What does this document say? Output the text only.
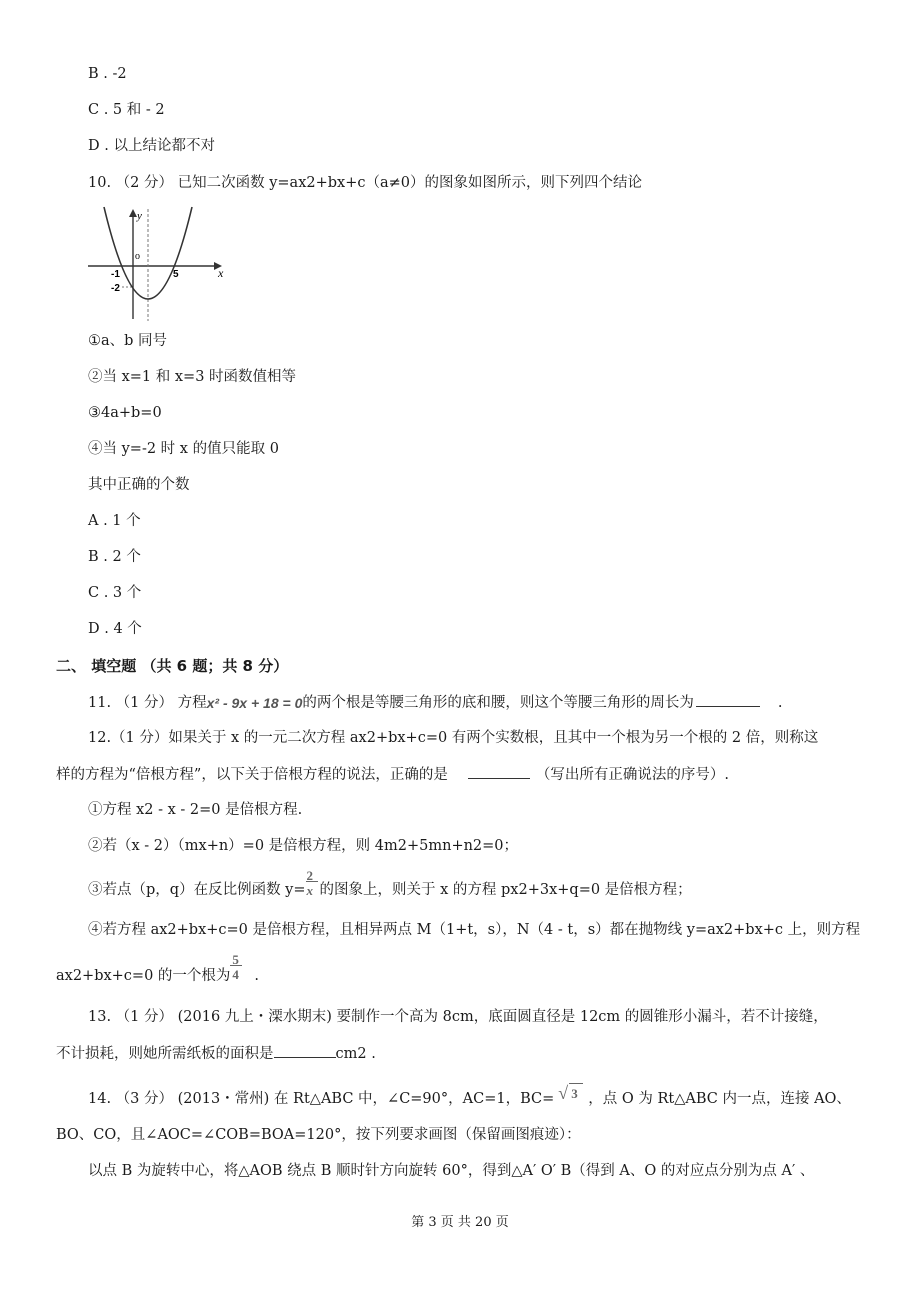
B . -2
C . 5 和 - 2
D . 以上结论都不对
10. （2 分） 已知二次函数 y=ax2+bx+c（a≠0）的图象如图所示，则下列四个结论
y
x
o
-1	5
-2
①a、b 同号
②当 x=1 和 x=3 时函数值相等
③4a+b=0
④当 y=-2 时 x 的值只能取 0
其中正确的个数
A . 1 个
B . 2 个
C . 3 个
D . 4 个
二、 填空题 （共 6 题；共 8 分）
11. （1 分） 方程x² - 9x + 18 = 0的两个根是等腰三角形的底和腰，则这个等腰三角形的周长为	.
12.（1 分）如果关于 x 的一元二次方程 ax2+bx+c=0 有两个实数根，且其中一个根为另一个根的 2 倍，则称这
样的方程为“倍根方程”，以下关于倍根方程的说法，正确的是	（写出所有正确说法的序号）.
①方程 x2 - x - 2=0 是倍根方程.
②若（x - 2）（mx+n）=0 是倍根方程，则 4m2+5mn+n2=0；
③若点（p，q）在反比例函数 $y= \frac{2}{x}$ 的图象上，则关于 x 的方程 px2+3x+q=0 是倍根方程；
④若方程 ax2+bx+c=0 是倍根方程，且相异两点 M（1+t，s），N（4 - t，s）都在抛物线 y=ax2+bx+c 上，则方程
ax2+bx+c=0 的一个根为 $\frac{5}{4}$ .
13. （1 分） (2016 九上・溧水期末) 要制作一个高为 8cm，底面圆直径是 12cm 的圆锥形小漏斗，若不计接缝，
不计损耗，则她所需纸板的面积是	cm2 .
14. （3 分） (2013・常州) 在 Rt△ABC 中，∠C=90°，AC=1，BC= √ 3 ，点 O 为 Rt△ABC 内一点，连接 AO、
BO、CO，且∠AOC=∠COB=BOA=120°，按下列要求画图（保留画图痕迹）：
以点 B 为旋转中心，将△AOB 绕点 B 顺时针方向旋转 60°，得到△A′ O′ B（得到 A、O 的对应点分别为点 A′ 、
第 3 页 共 20 页
